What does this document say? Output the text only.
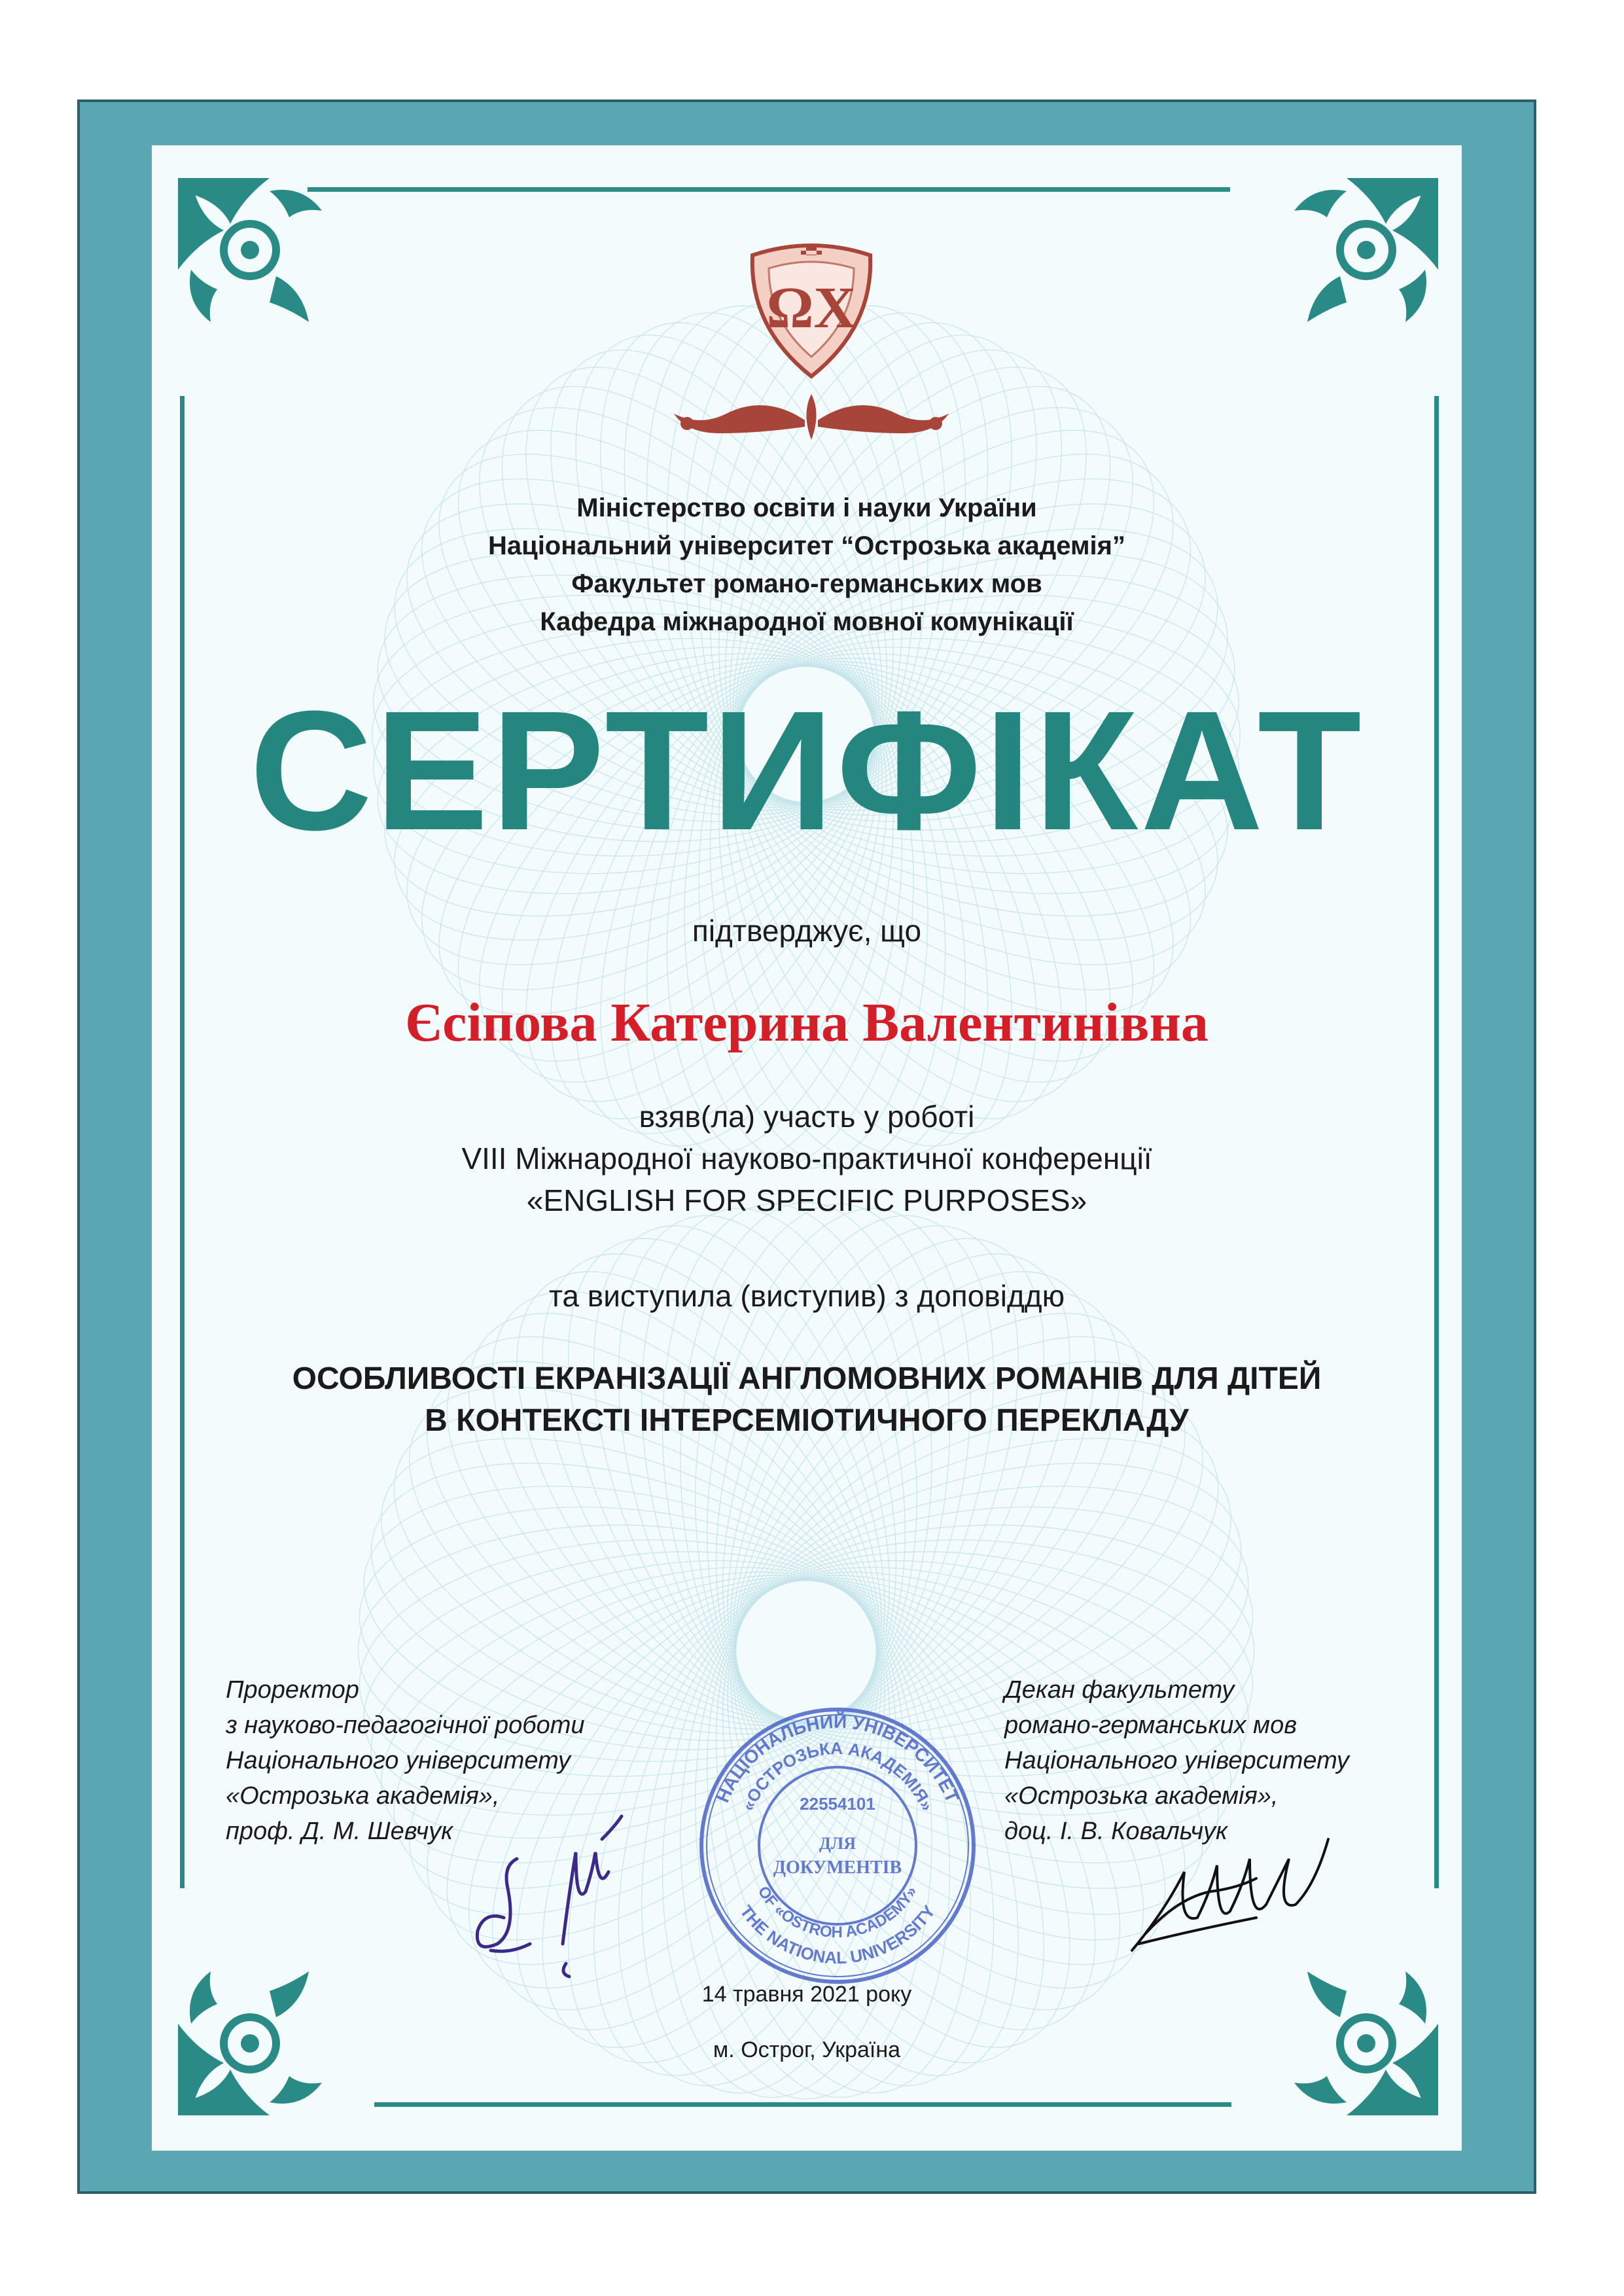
ΩX
Міністерство освіти і науки України
Національний університет “Острозька академія”
Факультет романо-германських мов
Кафедра міжнародної мовної комунікації
СЕРТИФІКАТ
підтверджує, що
Єсіпова Катерина Валентинівна
взяв(ла) участь у роботі
VIII Міжнародної науково-практичної конференції
«ENGLISH FOR SPECIFIC PURPOSES»
та виступила (виступив) з доповіддю
ОСОБЛИВОСТІ ЕКРАНІЗАЦІЇ АНГЛОМОВНИХ РОМАНІВ ДЛЯ ДІТЕЙ
В КОНТЕКСТІ ІНТЕРСЕМІОТИЧНОГО ПЕРЕКЛАДУ
Проректор
з науково-педагогічної роботи
Національного університету
«Острозька академія»,
проф. Д. М. Шевчук
Декан факультету
романо-германських мов
Національного університету
«Острозька академія»,
доц. І. В. Ковальчук
НАЦІОНАЛЬНИЙ УНІВЕРСИТЕТ
«ОСТРОЗЬКА АКАДЕМІЯ»
22554101
ДЛЯ
ДОКУМЕНТІВ
THE NATIONAL UNIVERSITY
OF «OSTROH ACADEMY»
14 травня 2021 року
м. Острог, Україна
